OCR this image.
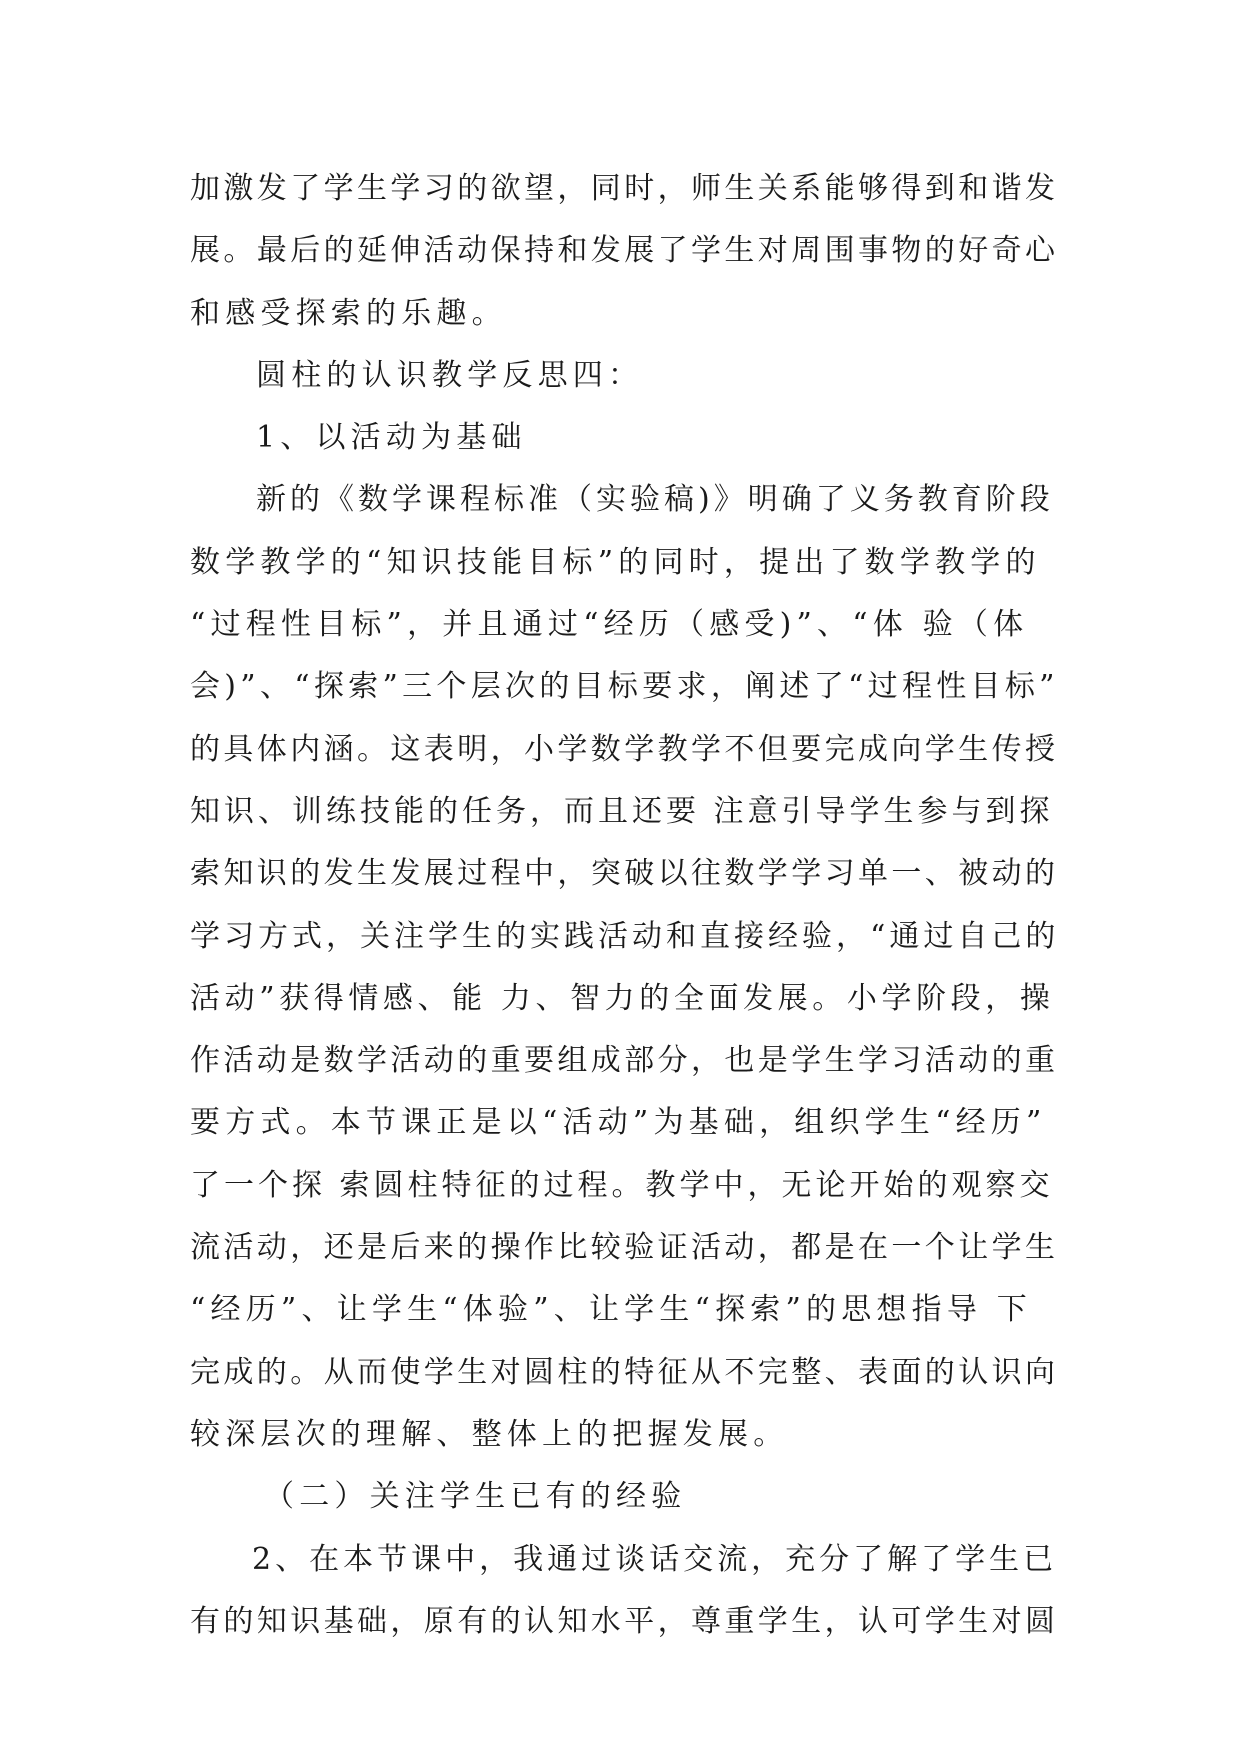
加激发了学生学习的欲望，同时，师生关系能够得到和谐发
展。最后的延伸活动保持和发展了学生对周围事物的好奇心
和感受探索的乐趣。
圆柱的认识教学反思四：
1、以活动为基础
新的《数学课程标准（实验稿)》明确了义务教育阶段
数学教学的“知识技能目标”的同时，提出了数学教学的
“过程性目标”，并且通过“经历（感受)”、“体 验（体
会)”、“探索”三个层次的目标要求，阐述了“过程性目标”
的具体内涵。这表明，小学数学教学不但要完成向学生传授
知识、训练技能的任务，而且还要 注意引导学生参与到探
索知识的发生发展过程中，突破以往数学学习单一、被动的
学习方式，关注学生的实践活动和直接经验，“通过自己的
活动”获得情感、能 力、智力的全面发展。小学阶段，操
作活动是数学活动的重要组成部分，也是学生学习活动的重
要方式。本节课正是以“活动”为基础，组织学生“经历”
了一个探 索圆柱特征的过程。教学中，无论开始的观察交
流活动，还是后来的操作比较验证活动，都是在一个让学生
“经历”、让学生“体验”、让学生“探索”的思想指导 下
完成的。从而使学生对圆柱的特征从不完整、表面的认识向
较深层次的理解、整体上的把握发展。
（二）关注学生已有的经验
2、在本节课中，我通过谈话交流，充分了解了学生已
有的知识基础，原有的认知水平，尊重学生，认可学生对圆
